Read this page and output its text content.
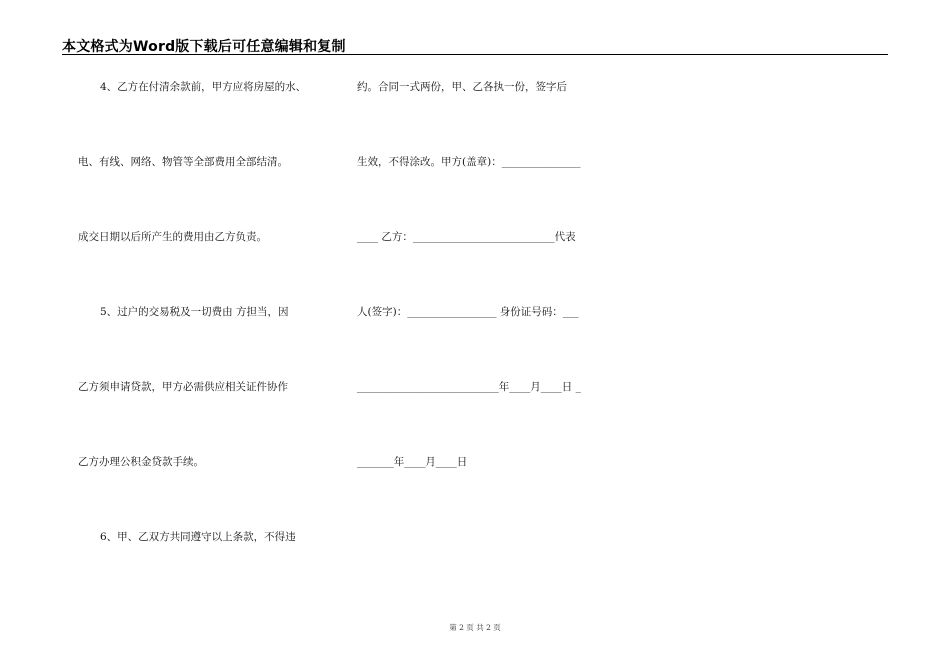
本文格式为Word版下载后可任意编辑和复制
4、乙方在付清余款前，甲方应将房屋的水、
电、有线、网络、物管等全部费用全部结清。
成交日期以后所产生的费用由乙方负责。
5、过户的交易税及一切费由 方担当，因
乙方须申请贷款，甲方必需供应相关证件协作
乙方办理公积金贷款手续。
6、甲、乙双方共同遵守以上条款，不得违
约。合同一式两份，甲、乙各执一份，签字后
生效，不得涂改。甲方(盖章)：_______________
____ 乙方：___________________________代表
人(签字)：_________________ 身份证号码：___
___________________________年____月____日 _
_______年____月____日
第 2 页 共 2 页
